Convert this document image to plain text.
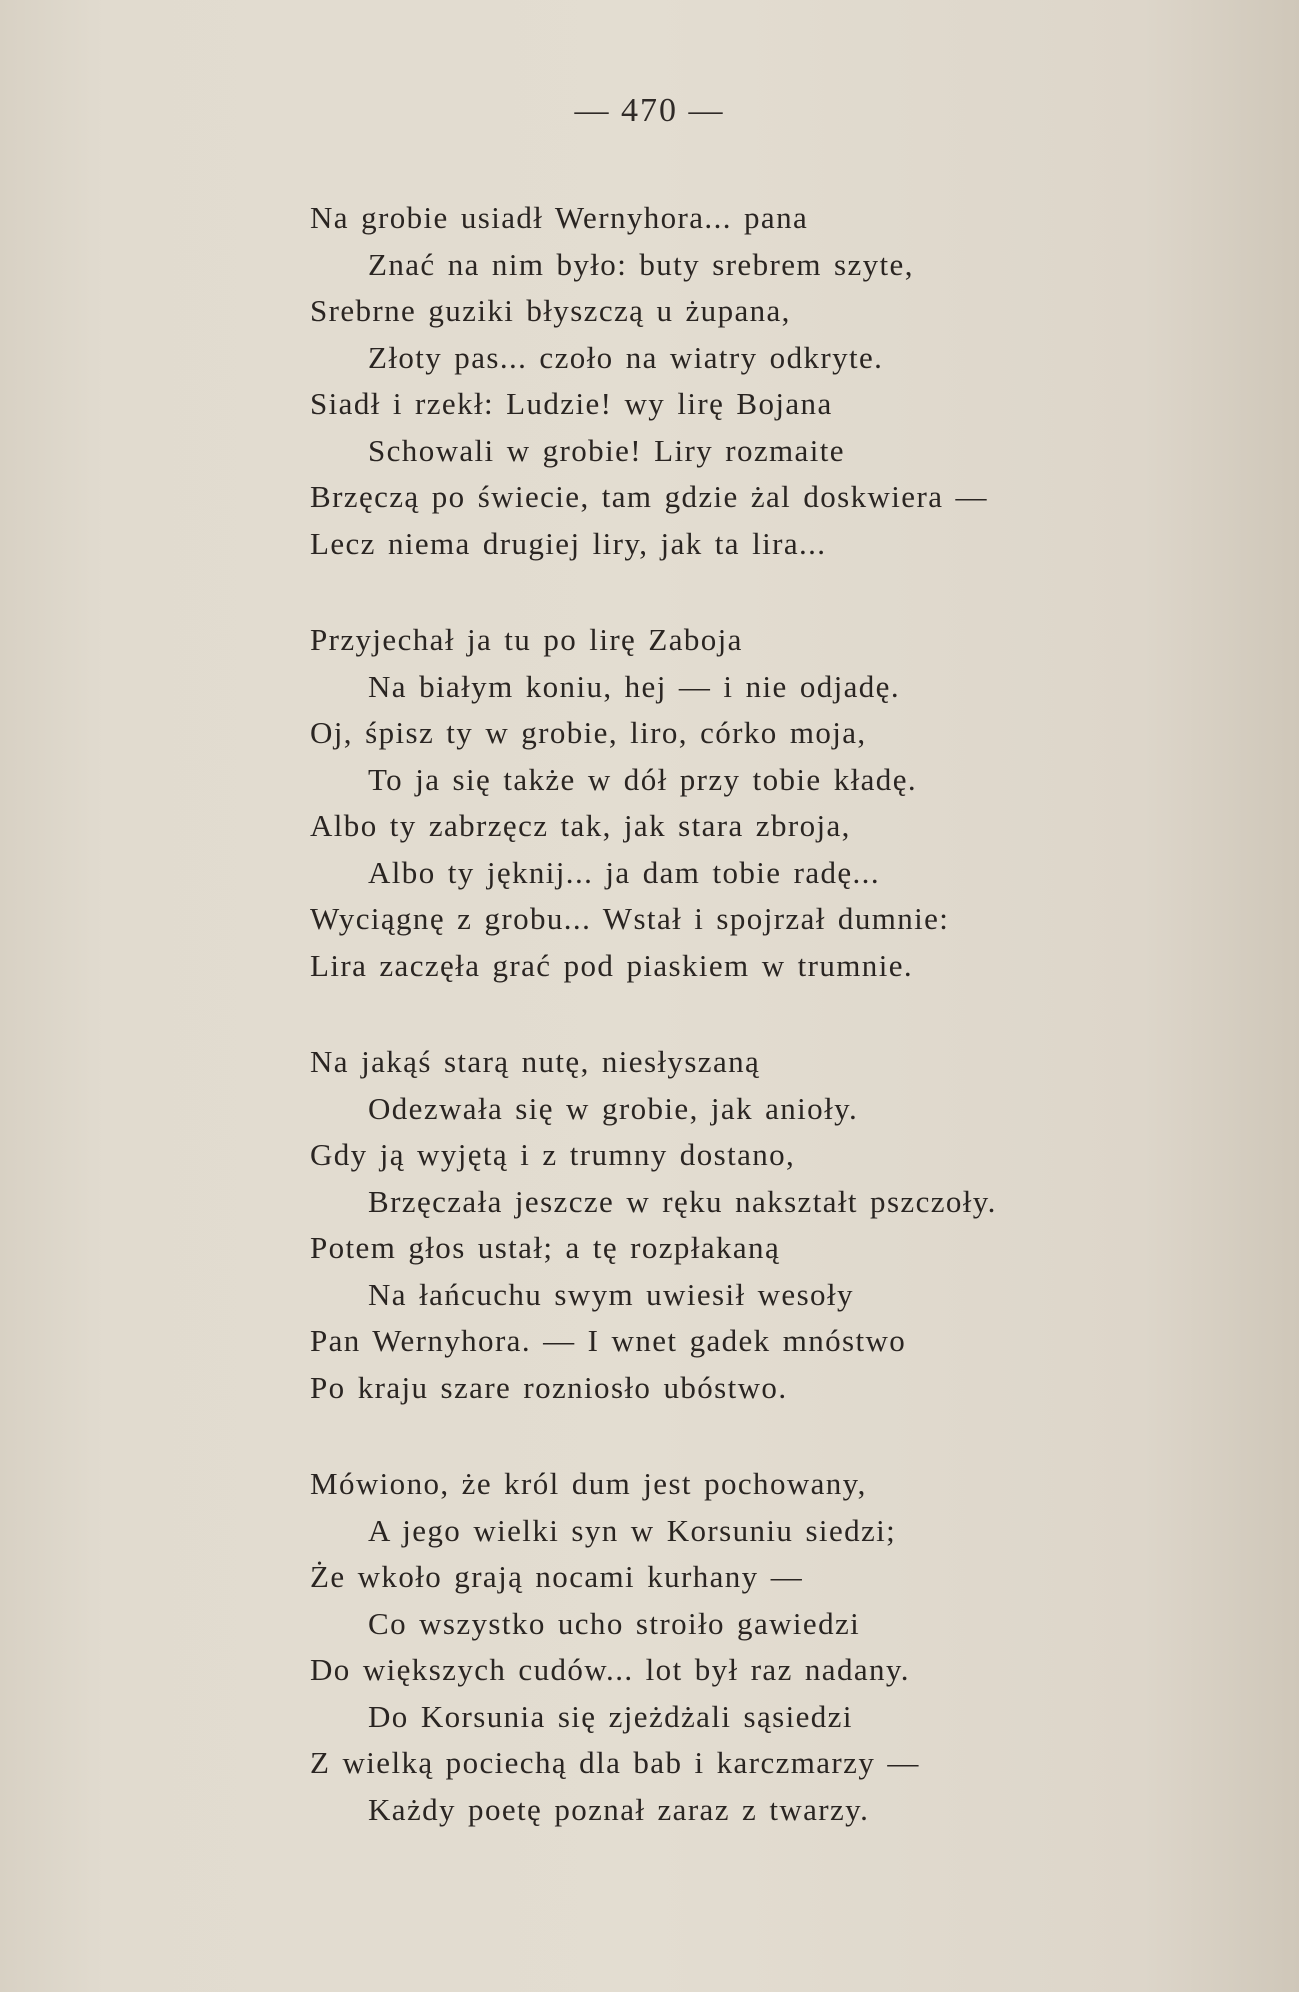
— 470 —
Na grobie usiadł Wernyhora... pana
Znać na nim było: buty srebrem szyte,
Srebrne guziki błyszczą u żupana,
Złoty pas... czoło na wiatry odkryte.
Siadł i rzekł: Ludzie! wy lirę Bojana
Schowali w grobie! Liry rozmaite
Brzęczą po świecie, tam gdzie żal doskwiera —
Lecz niema drugiej liry, jak ta lira...
Przyjechał ja tu po lirę Zaboja
Na białym koniu, hej — i nie odjadę.
Oj, śpisz ty w grobie, liro, córko moja,
To ja się także w dół przy tobie kładę.
Albo ty zabrzęcz tak, jak stara zbroja,
Albo ty jęknij... ja dam tobie radę...
Wyciągnę z grobu... Wstał i spojrzał dumnie:
Lira zaczęła grać pod piaskiem w trumnie.
Na jakąś starą nutę, niesłyszaną
Odezwała się w grobie, jak anioły.
Gdy ją wyjętą i z trumny dostano,
Brzęczała jeszcze w ręku nakształt pszczoły.
Potem głos ustał; a tę rozpłakaną
Na łańcuchu swym uwiesił wesoły
Pan Wernyhora. — I wnet gadek mnóstwo
Po kraju szare rozniosło ubóstwo.
Mówiono, że król dum jest pochowany,
A jego wielki syn w Korsuniu siedzi;
Że wkoło grają nocami kurhany —
Co wszystko ucho stroiło gawiedzi
Do większych cudów... lot był raz nadany.
Do Korsunia się zjeżdżali sąsiedzi
Z wielką pociechą dla bab i karczmarzy —
Każdy poetę poznał zaraz z twarzy.
